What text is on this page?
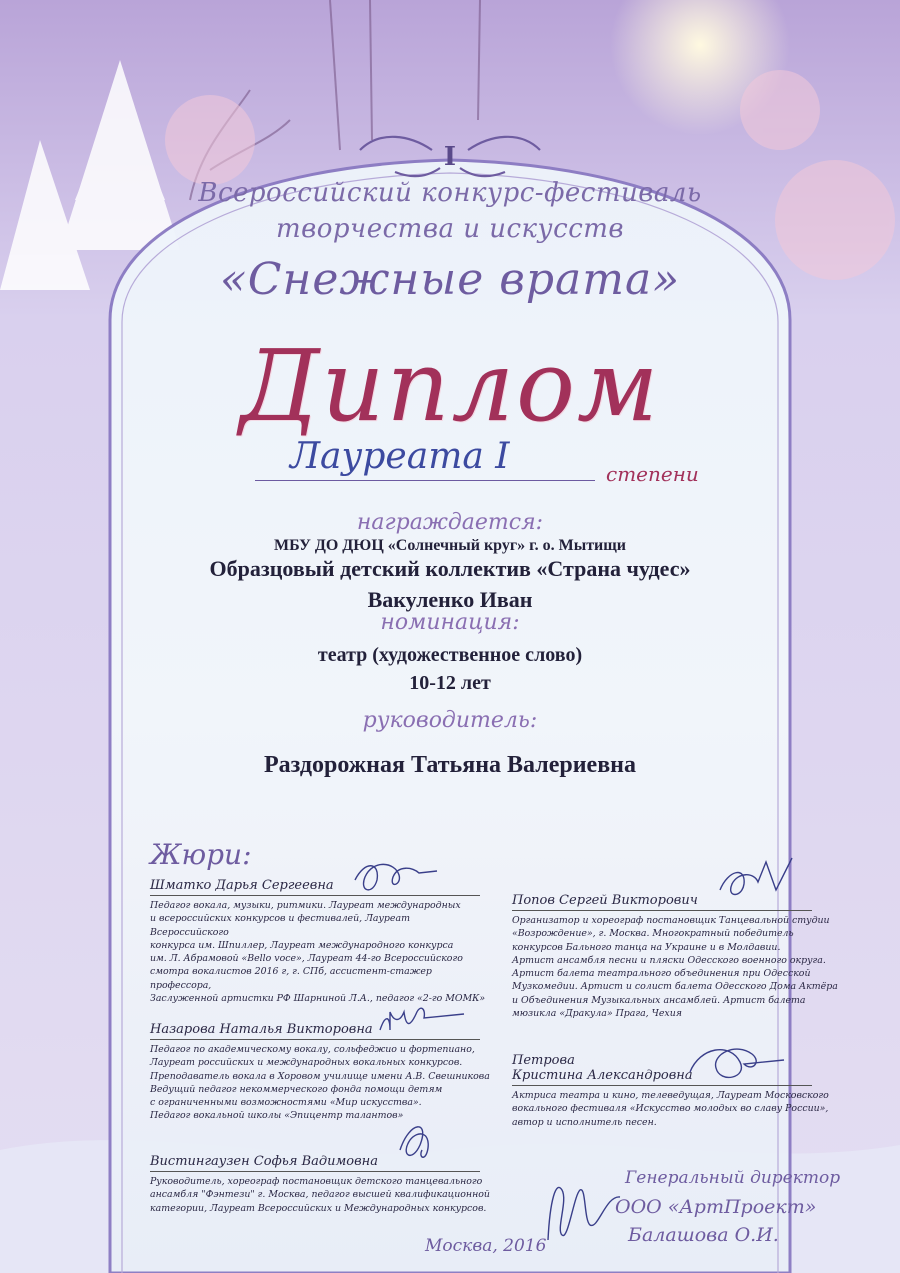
I
Всероссийский конкурс-фестиваль
творчества и искусств
«Снежные врата»
Диплом
Лауреата I	степени
награждается:
МБУ ДО ДЮЦ «Солнечный круг» г. о. Мытищи
Образцовый детский коллектив «Страна чудес»
Вакуленко Иван
номинация:
театр (художественное слово)
10-12 лет
руководитель:
Раздорожная Татьяна Валериевна
Жюри:
Шматко Дарья Сергеевна
Педагог вокала, музыки, ритмики. Лауреат международных
и всероссийских конкурсов и фестивалей, Лауреат Всероссийского
конкурса им. Шпиллер, Лауреат международного конкурса
им. Л. Абрамовой «Bello voce», Лауреат 44-го Всероссийского
смотра вокалистов 2016 г, г. СПб, ассистент-стажер профессора,
Заслуженной артистки РФ Шарниной Л.А., педагог «2-го МОМК»
Назарова Наталья Викторовна
Педагог по академическому вокалу, сольфеджио и фортепиано,
Лауреат российских и международных вокальных конкурсов.
Преподаватель вокала в Хоровом училище имени А.В. Свешникова
Ведущий педагог некоммерческого фонда помощи детям
с ограниченными возможностями «Мир искусства».
Педагог вокальной школы «Эпицентр талантов»
Вистингаузен Софья Вадимовна
Руководитель, хореограф постановщик детского танцевального
ансамбля "Фэнтези" г. Москва, педагог высшей квалификационной
категории, Лауреат Всероссийских и Международных конкурсов.
Попов Сергей Викторович
Организатор и хореограф постановщик Танцевальной студии
«Возрождение», г. Москва. Многократный победитель
конкурсов Бального танца на Украине и в Молдавии.
Артист ансамбля песни и пляски Одесского военного округа.
Артист балета театрального объединения при Одесской
Музкомедии. Артист и солист балета Одесского Дома Актёра
и Объединения Музыкальных ансамблей. Артист балета
мюзикла «Дракула» Прага, Чехия
Петрова
Кристина Александровна
Актриса театра и кино, телеведущая, Лауреат Московского
вокального фестиваля «Искусство молодых во славу России»,
автор и исполнитель песен.
Генеральный директор
ООО «АртПроект»
Балашова О.И.
Москва, 2016
